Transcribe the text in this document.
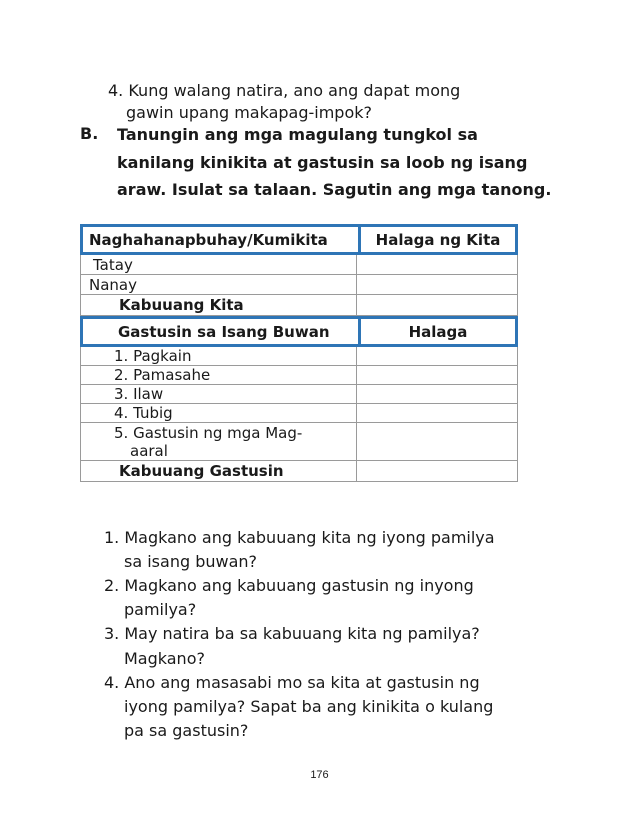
4. Kung walang natira, ano ang dapat mong
gawin upang makapag-impok?
B. Tanungin ang mga magulang tungkol sa
kanilang kinikita at gastusin sa loob ng isang
araw. Isulat sa talaan. Sagutin ang mga tanong.
Naghahanapbuhay/Kumikita	Halaga ng Kita
Tatay
Nanay
Kabuuang Kita
Gastusin sa Isang Buwan	Halaga
1. Pagkain
2. Pamasahe
3. Ilaw
4. Tubig
5. Gastusin ng mga Mag-
aaral
Kabuuang Gastusin
1. Magkano ang kabuuang kita ng iyong pamilya
sa isang buwan?
2. Magkano ang kabuuang gastusin ng inyong
pamilya?
3. May natira ba sa kabuuang kita ng pamilya?
Magkano?
4. Ano ang masasabi mo sa kita at gastusin ng
iyong pamilya? Sapat ba ang kinikita o kulang
pa sa gastusin?
176
